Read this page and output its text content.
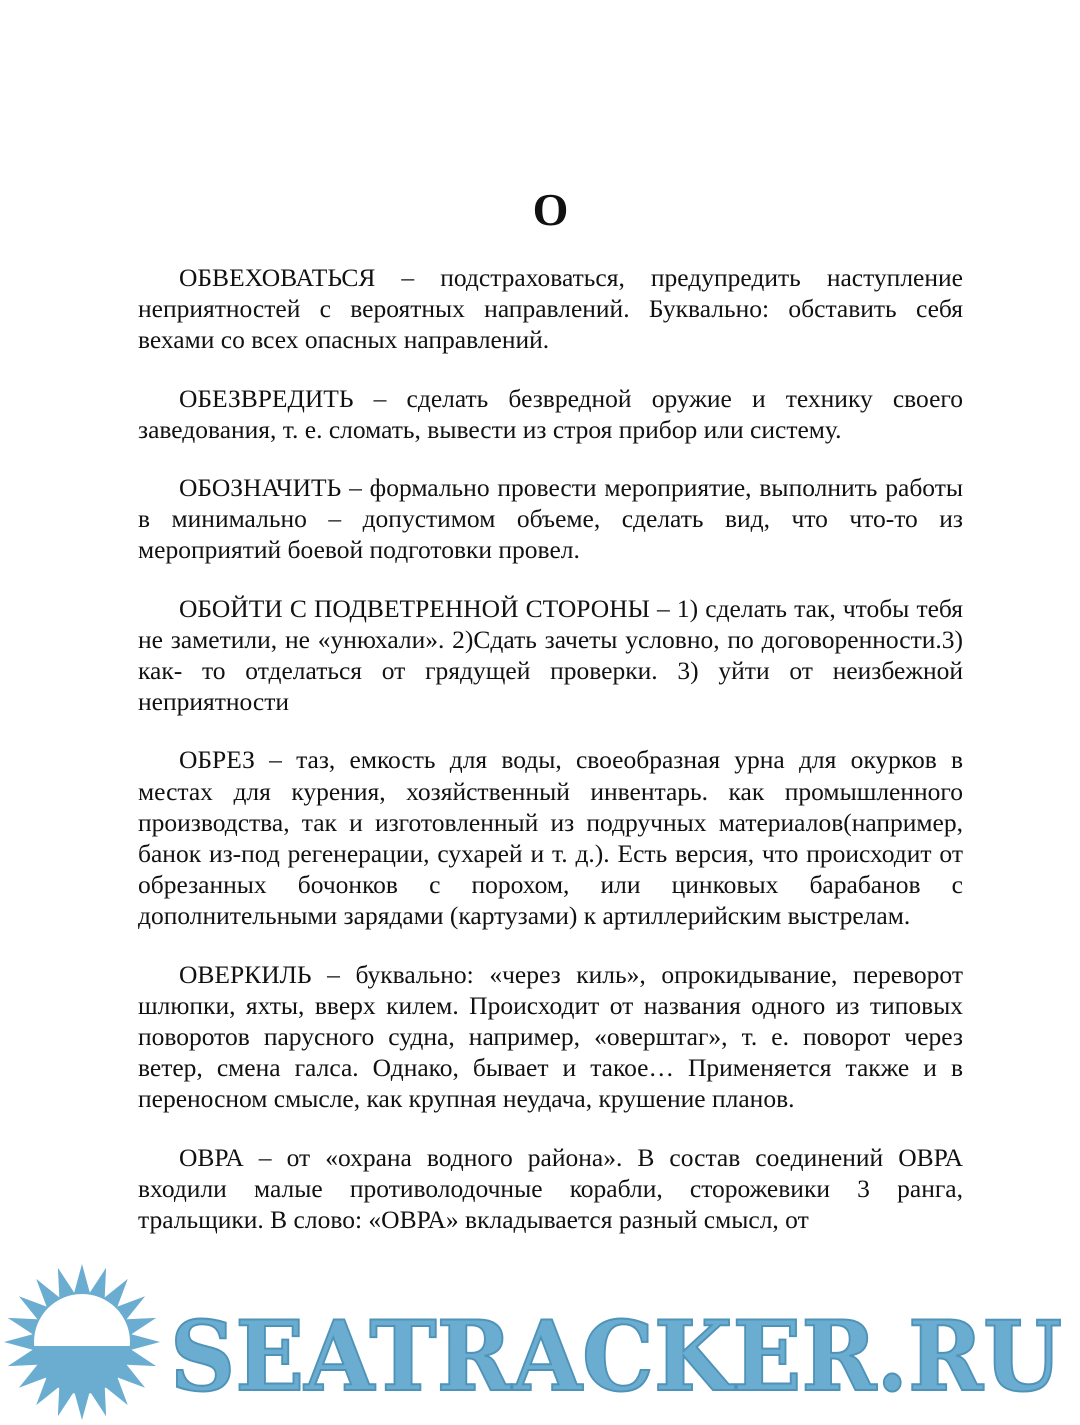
О

ОБВЕХОВАТЬСЯ – подстраховаться, предупредить наступление неприятностей с вероятных направлений. Буквально: обставить себя вехами со всех опасных направлений.

ОБЕЗВРЕДИТЬ – сделать безвредной оружие и технику своего заведования, т. е. сломать, вывести из строя прибор или систему.

ОБОЗНАЧИТЬ – формально провести мероприятие, выполнить работы в минимально – допустимом объеме, сделать вид, что что-то из мероприятий боевой подготовки провел.

ОБОЙТИ С ПОДВЕТРЕННОЙ СТОРОНЫ – 1) сделать так, чтобы тебя не заметили, не «унюхали». 2)Сдать зачеты условно, по договоренности.3) как- то отделаться от грядущей проверки. 3) уйти от неизбежной неприятности

ОБРЕЗ – таз, емкость для воды, своеобразная урна для окурков в местах для курения, хозяйственный инвентарь. как промышленного производства, так и изготовленный из подручных материалов(например, банок из-под регенерации, сухарей и т. д.). Есть версия, что происходит от обрезанных бочонков с порохом, или цинковых барабанов с дополнительными зарядами (картузами) к артиллерийским выстрелам.

ОВЕРКИЛЬ – буквально: «через киль», опрокидывание, переворот шлюпки, яхты, вверх килем. Происходит от названия одного из типовых поворотов парусного судна, например, «оверштаг», т. е. поворот через ветер, смена галса. Однако, бывает и такое… Применяется также и в переносном смысле, как крупная неудача, крушение планов.

ОВРА – от «охрана водного района». В состав соединений ОВРА входили малые противолодочные корабли, сторожевики 3 ранга, тральщики. В слово: «ОВРА» вкладывается разный смысл, от

SEATRACKER.RU
